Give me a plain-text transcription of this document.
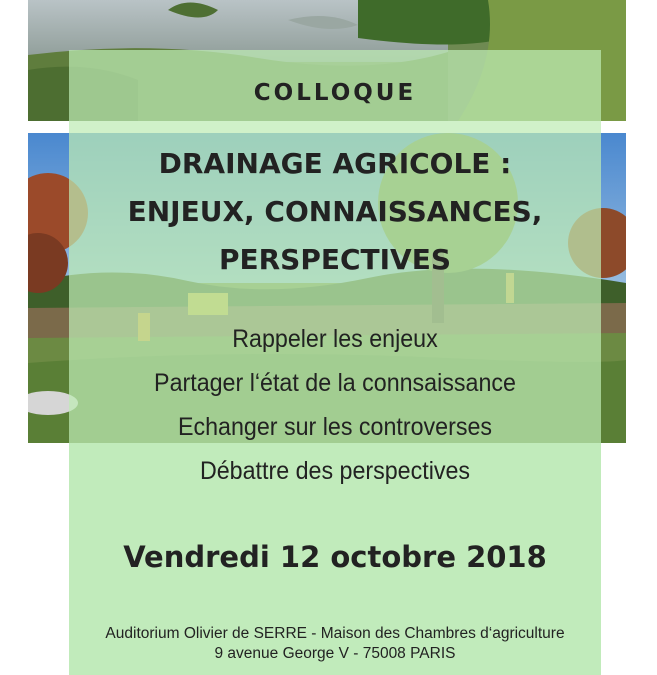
COLLOQUE
DRAINAGE AGRICOLE :
ENJEUX, CONNAISSANCES,
PERSPECTIVES
Rappeler les enjeux
Partager l‘état de la connsaissance
Echanger sur les controverses
Débattre des perspectives
Vendredi 12 octobre 2018
Auditorium Olivier de SERRE - Maison des Chambres d‘agriculture
9 avenue George V - 75008 PARIS
